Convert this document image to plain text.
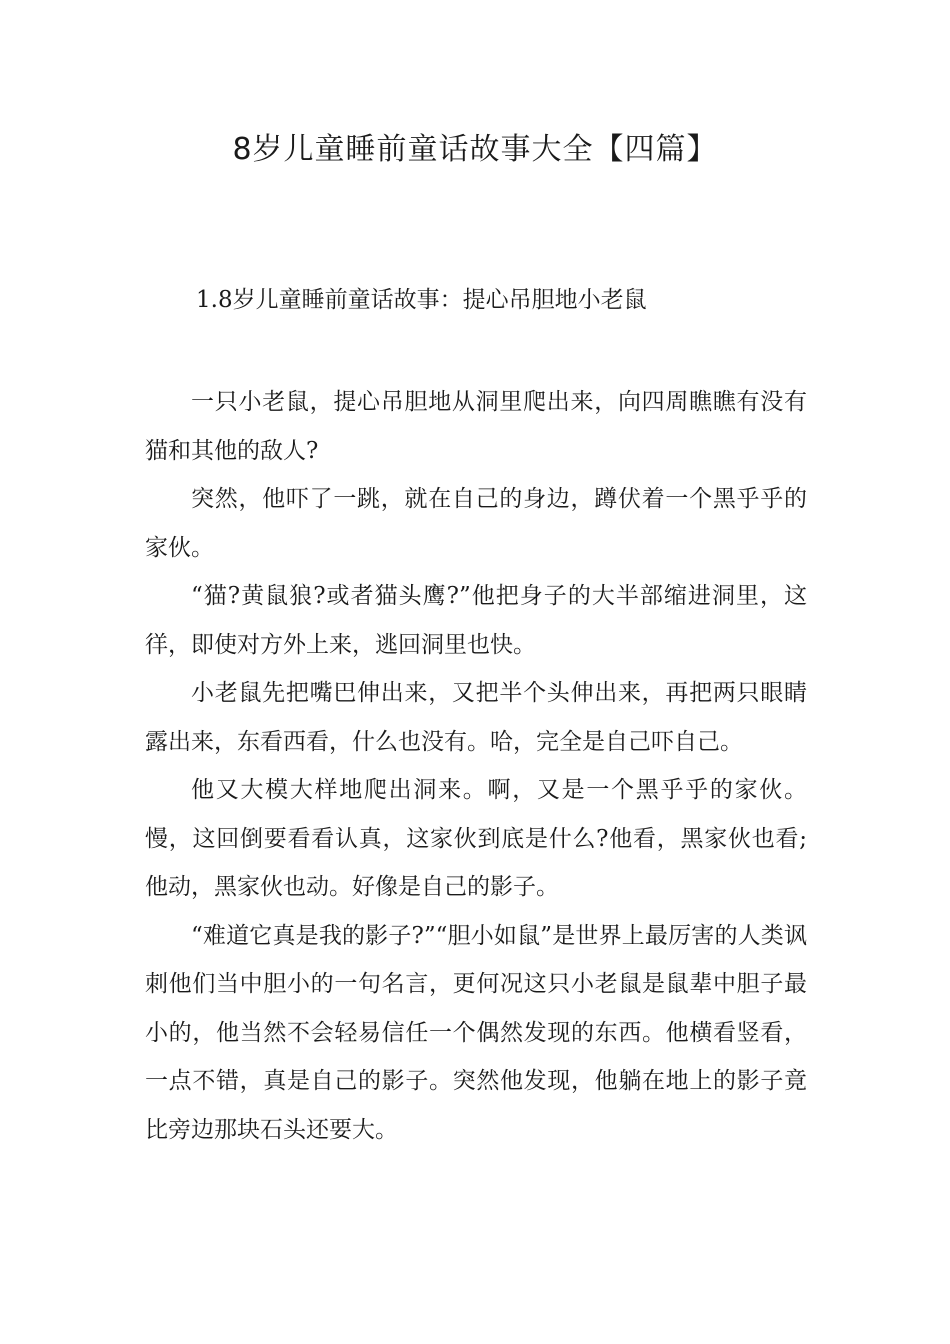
8岁儿童睡前童话故事大全【四篇】
1.8岁儿童睡前童话故事：提心吊胆地小老鼠

一只小老鼠，提心吊胆地从洞里爬出来，向四周瞧瞧有没有猫和其他的敌人?

突然，他吓了一跳，就在自己的身边，蹲伏着一个黑乎乎的家伙。

“猫?黄鼠狼?或者猫头鹰?”他把身子的大半部缩进洞里，这徉，即使对方外上来，逃回洞里也快。

小老鼠先把嘴巴伸出来，又把半个头伸出来，再把两只眼睛露出来，东看西看，什么也没有。哈，完全是自己吓自己。

他又大模大样地爬出洞来。啊，又是一个黑乎乎的家伙。慢，这回倒要看看认真，这家伙到底是什么?他看，黑家伙也看;他动，黑家伙也动。好像是自己的影子。

“难道它真是我的影子?”“胆小如鼠”是世界上最厉害的人类讽刺他们当中胆小的一句名言，更何况这只小老鼠是鼠辈中胆子最小的，他当然不会轻易信任一个偶然发现的东西。他横看竖看，一点不错，真是自己的影子。突然他发现，他躺在地上的影子竟比旁边那块石头还要大。
